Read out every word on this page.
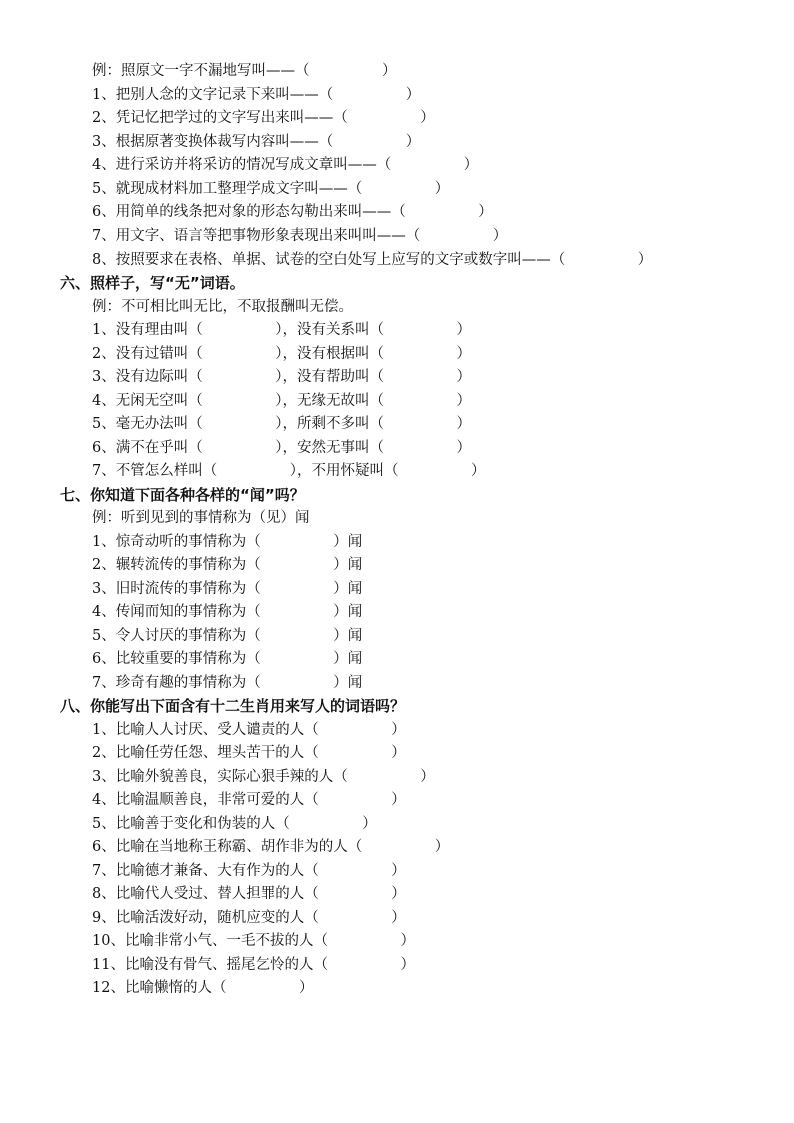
例：照原文一字不漏地写叫——（　　　　　）
1、把别人念的文字记录下来叫——（　　　　　）
2、凭记忆把学过的文字写出来叫——（　　　　　）
3、根据原著变换体裁写内容叫——（　　　　　）
4、进行采访并将采访的情况写成文章叫——（　　　　　）
5、就现成材料加工整理学成文字叫——（　　　　　）
6、用简单的线条把对象的形态勾勒出来叫——（　　　　　）
7、用文字、语言等把事物形象表现出来叫叫——（　　　　　）
8、按照要求在表格、单据、试卷的空白处写上应写的文字或数字叫——（　　　　　）
六、照样子，写“无”词语。
例：不可相比叫无比，不取报酬叫无偿。
1、没有理由叫（　　　　　），没有关系叫（　　　　　）
2、没有过错叫（　　　　　），没有根据叫（　　　　　）
3、没有边际叫（　　　　　），没有帮助叫（　　　　　）
4、无闲无空叫（　　　　　），无缘无故叫（　　　　　）
5、毫无办法叫（　　　　　），所剩不多叫（　　　　　）
6、满不在乎叫（　　　　　），安然无事叫（　　　　　）
7、不管怎么样叫（　　　　　），不用怀疑叫（　　　　　）
七、你知道下面各种各样的“闻”吗？
例：听到见到的事情称为（见）闻
1、惊奇动听的事情称为（　　　　　）闻
2、辗转流传的事情称为（　　　　　）闻
3、旧时流传的事情称为（　　　　　）闻
4、传闻而知的事情称为（　　　　　）闻
5、令人讨厌的事情称为（　　　　　）闻
6、比较重要的事情称为（　　　　　）闻
7、珍奇有趣的事情称为（　　　　　）闻
八、你能写出下面含有十二生肖用来写人的词语吗？
1、比喻人人讨厌、受人谴责的人（　　　　　）
2、比喻任劳任怨、埋头苦干的人（　　　　　）
3、比喻外貌善良，实际心狠手辣的人（　　　　　）
4、比喻温顺善良，非常可爱的人（　　　　　）
5、比喻善于变化和伪装的人（　　　　　）
6、比喻在当地称王称霸、胡作非为的人（　　　　　）
7、比喻德才兼备、大有作为的人（　　　　　）
8、比喻代人受过、替人担罪的人（　　　　　）
9、比喻活泼好动，随机应变的人（　　　　　）
10、比喻非常小气、一毛不拔的人（　　　　　）
11、比喻没有骨气、摇尾乞怜的人（　　　　　）
12、比喻懒惰的人（　　　　　）
